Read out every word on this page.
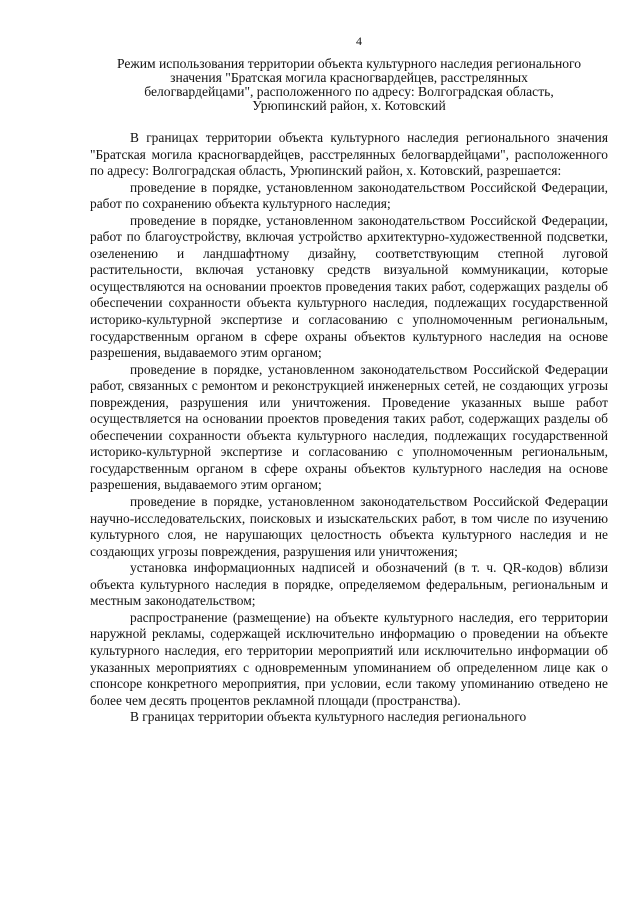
4
Режим использования территории объекта культурного наследия регионального
значения "Братская могила красногвардейцев, расстрелянных
белогвардейцами", расположенного по адресу: Волгоградская область,
Урюпинский район, х. Котовский

В границах территории объекта культурного наследия регионального значения "Братская могила красногвардейцев, расстрелянных белогвардейцами", расположенного по адресу: Волгоградская область, Урюпинский район, х. Котовский, разрешается:

проведение в порядке, установленном законодательством Российской Федерации, работ по сохранению объекта культурного наследия;

проведение в порядке, установленном законодательством Российской Федерации, работ по благоустройству, включая устройство архитектурно-художественной подсветки, озеленению и ландшафтному дизайну, соответствующим степной луговой растительности, включая установку средств визуальной коммуникации, которые осуществляются на основании проектов проведения таких работ, содержащих разделы об обеспечении сохранности объекта культурного наследия, подлежащих государственной историко-культурной экспертизе и согласованию с уполномоченным региональным, государственным органом в сфере охраны объектов культурного наследия на основе разрешения, выдаваемого этим органом;

проведение в порядке, установленном законодательством Российской Федерации работ, связанных с ремонтом и реконструкцией инженерных сетей, не создающих угрозы повреждения, разрушения или уничтожения. Проведение указанных выше работ осуществляется на основании проектов проведения таких работ, содержащих разделы об обеспечении сохранности объекта культурного наследия, подлежащих государственной историко-культурной экспертизе и согласованию с уполномоченным региональным, государственным органом в сфере охраны объектов культурного наследия на основе разрешения, выдаваемого этим органом;

проведение в порядке, установленном законодательством Российской Федерации научно-исследовательских, поисковых и изыскательских работ, в том числе по изучению культурного слоя, не нарушающих целостность объекта культурного наследия и не создающих угрозы повреждения, разрушения или уничтожения;

установка информационных надписей и обозначений (в т. ч. QR-кодов) вблизи объекта культурного наследия в порядке, определяемом федеральным, региональным и местным законодательством;

распространение (размещение) на объекте культурного наследия, его территории наружной рекламы, содержащей исключительно информацию о проведении на объекте культурного наследия, его территории мероприятий или исключительно информации об указанных мероприятиях с одновременным упоминанием об определенном лице как о спонсоре конкретного мероприятия, при условии, если такому упоминанию отведено не более чем десять процентов рекламной площади (пространства).

В границах территории объекта культурного наследия регионального
